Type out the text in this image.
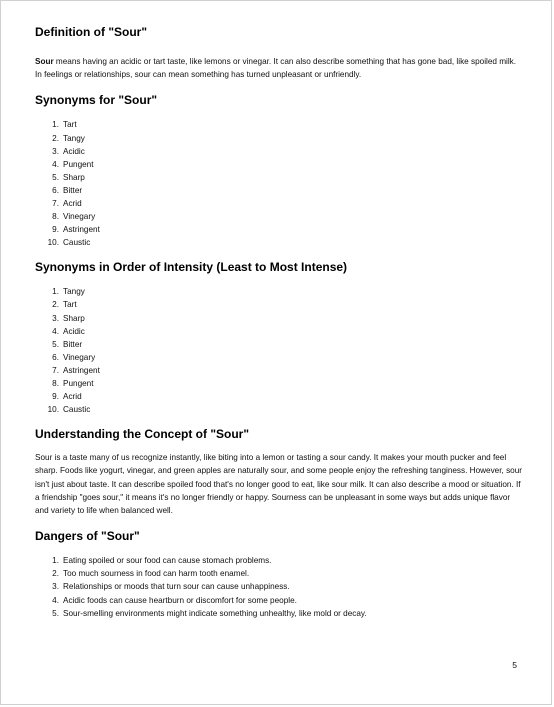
Definition of "Sour"

Sour means having an acidic or tart taste, like lemons or vinegar. It can also describe something that has gone bad, like spoiled milk. In feelings or relationships, sour can mean something has turned unpleasant or unfriendly.

Synonyms for "Sour"
1. Tart
2. Tangy
3. Acidic
4. Pungent
5. Sharp
6. Bitter
7. Acrid
8. Vinegary
9. Astringent
10. Caustic
Synonyms in Order of Intensity (Least to Most Intense)
1. Tangy
2. Tart
3. Sharp
4. Acidic
5. Bitter
6. Vinegary
7. Astringent
8. Pungent
9. Acrid
10. Caustic
Understanding the Concept of "Sour"

Sour is a taste many of us recognize instantly, like biting into a lemon or tasting a sour candy. It makes your mouth pucker and feel sharp. Foods like yogurt, vinegar, and green apples are naturally sour, and some people enjoy the refreshing tanginess. However, sour isn't just about taste. It can describe spoiled food that's no longer good to eat, like sour milk. It can also describe a mood or situation. If a friendship "goes sour," it means it's no longer friendly or happy. Sourness can be unpleasant in some ways but adds unique flavor and variety to life when balanced well.

Dangers of "Sour"
1. Eating spoiled or sour food can cause stomach problems.
2. Too much sourness in food can harm tooth enamel.
3. Relationships or moods that turn sour can cause unhappiness.
4. Acidic foods can cause heartburn or discomfort for some people.
5. Sour-smelling environments might indicate something unhealthy, like mold or decay.
5
